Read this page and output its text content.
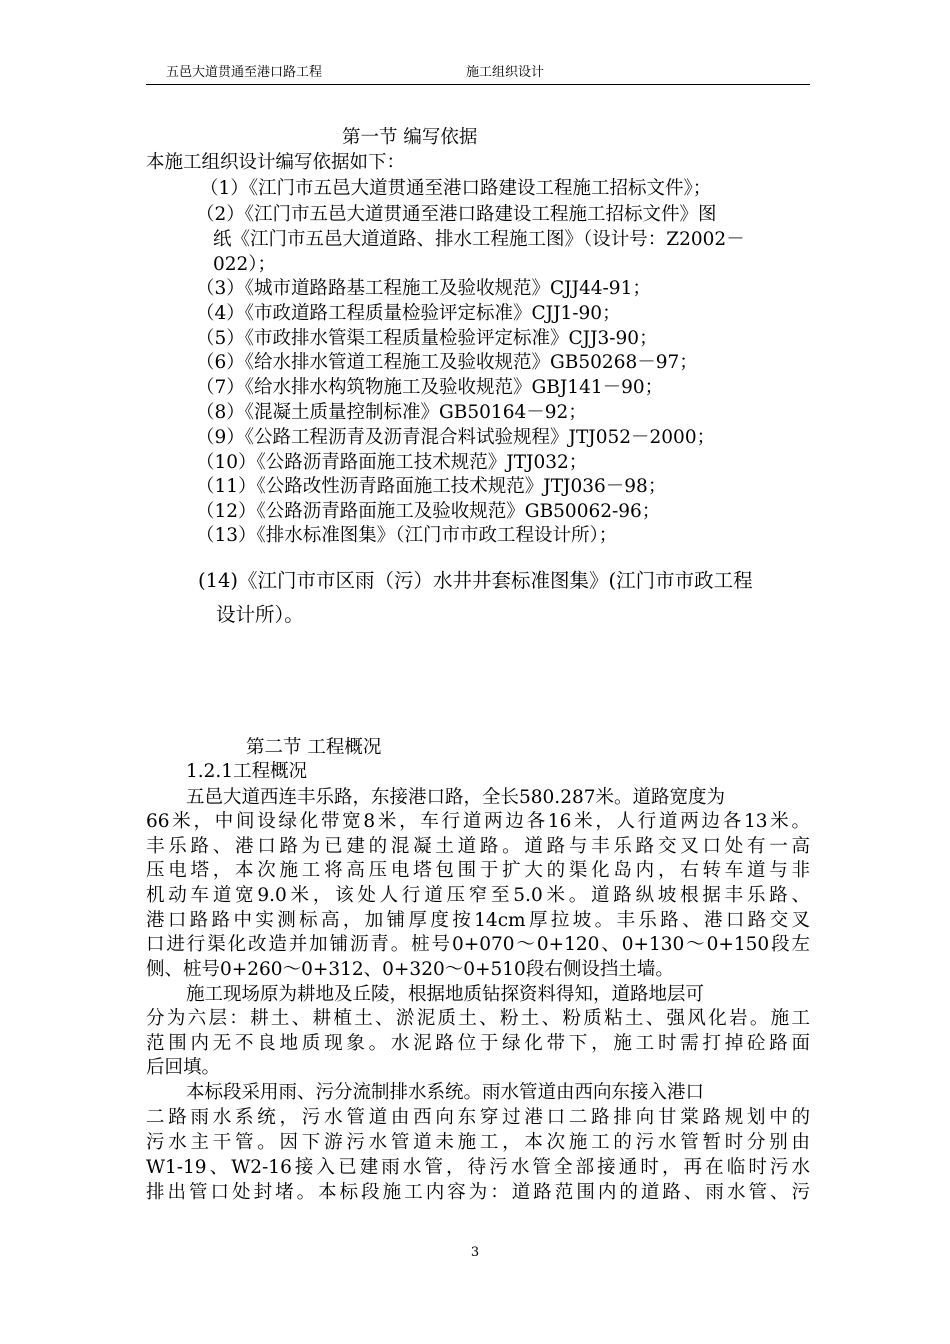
五邑大道贯通至港口路工程	施工组织设计
第一节 编写依据
本施工组织设计编写依据如下：
（1）《江门市五邑大道贯通至港口路建设工程施工招标文件》；
（2）《江门市五邑大道贯通至港口路建设工程施工招标文件》图
纸《江门市五邑大道道路、排水工程施工图》（设计号：Z2002－
022）；
（3）《城市道路路基工程施工及验收规范》CJJ44-91；
（4）《市政道路工程质量检验评定标准》CJJ1-90；
（5）《市政排水管渠工程质量检验评定标准》CJJ3-90；
（6）《给水排水管道工程施工及验收规范》GB50268－97；
（7）《给水排水构筑物施工及验收规范》GBJ141－90；
（8）《混凝土质量控制标准》GB50164－92；
（9）《公路工程沥青及沥青混合料试验规程》JTJ052－2000；
（10）《公路沥青路面施工技术规范》JTJ032；
（11）《公路改性沥青路面施工技术规范》JTJ036－98；
（12）《公路沥青路面施工及验收规范》GB50062-96；
（13）《排水标准图集》（江门市市政工程设计所）；
(14)《江门市市区雨（污）水井井套标准图集》(江门市市政工程
设计所）。
第二节 工程概况
1.2.1工程概况
五邑大道西连丰乐路，东接港口路，全长580.287米。道路宽度为
66米，中间设绿化带宽8米，车行道两边各16米，人行道两边各13米。
丰乐路、港口路为已建的混凝土道路。道路与丰乐路交叉口处有一高
压电塔，本次施工将高压电塔包围于扩大的渠化岛内，右转车道与非
机动车道宽9.0米，该处人行道压窄至5.0米。道路纵坡根据丰乐路、
港口路路中实测标高，加铺厚度按14cm厚拉坡。丰乐路、港口路交叉
口进行渠化改造并加铺沥青。桩号0+070～0+120、0+130～0+150段左
侧、桩号0+260～0+312、0+320～0+510段右侧设挡土墙。
施工现场原为耕地及丘陵，根据地质钻探资料得知，道路地层可
分为六层：耕土、耕植土、淤泥质土、粉土、粉质粘土、强风化岩。施工
范围内无不良地质现象。水泥路位于绿化带下，施工时需打掉砼路面
后回填。
本标段采用雨、污分流制排水系统。雨水管道由西向东接入港口
二路雨水系统，污水管道由西向东穿过港口二路排向甘棠路规划中的
污水主干管。因下游污水管道未施工，本次施工的污水管暂时分别由
W1-19、W2-16接入已建雨水管，待污水管全部接通时，再在临时污水
排出管口处封堵。本标段施工内容为：道路范围内的道路、雨水管、污
3
